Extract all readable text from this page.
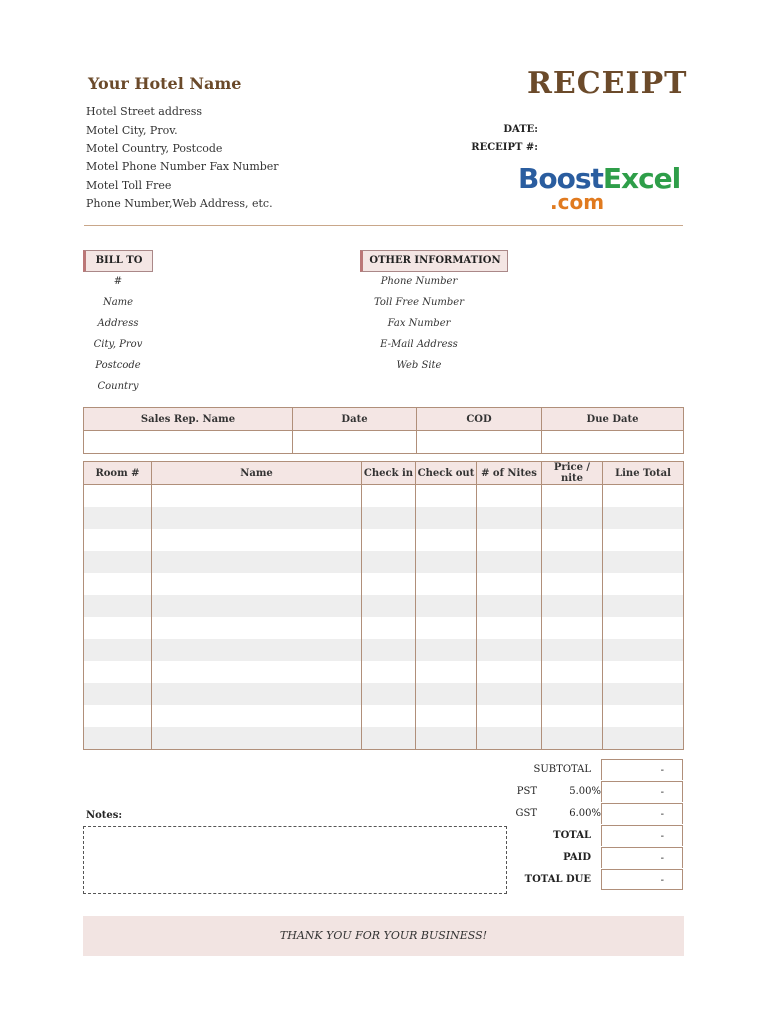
Your Hotel Name
Hotel Street address
Motel City, Prov.
Motel Country, Postcode
Motel Phone Number Fax Number
Motel Toll Free
Phone Number,Web Address, etc.
RECEIPT
DATE:
RECEIPT #:
BoostExcel
.com
BILL TO
#
Name
Address
City, Prov
Postcode
Country
OTHER INFORMATION
Phone Number
Toll Free Number
Fax Number
E-Mail Address
Web Site
Sales Rep. Name	Date	COD	Due Date

Room #	Name	Check in	Check out	# of Nites	Price / nite	Line Total

SUBTOTAL	-
PST	5.00%	-
GST	6.00%	-
TOTAL	-
PAID	-
TOTAL DUE	-
Notes:
THANK YOU FOR YOUR BUSINESS!
